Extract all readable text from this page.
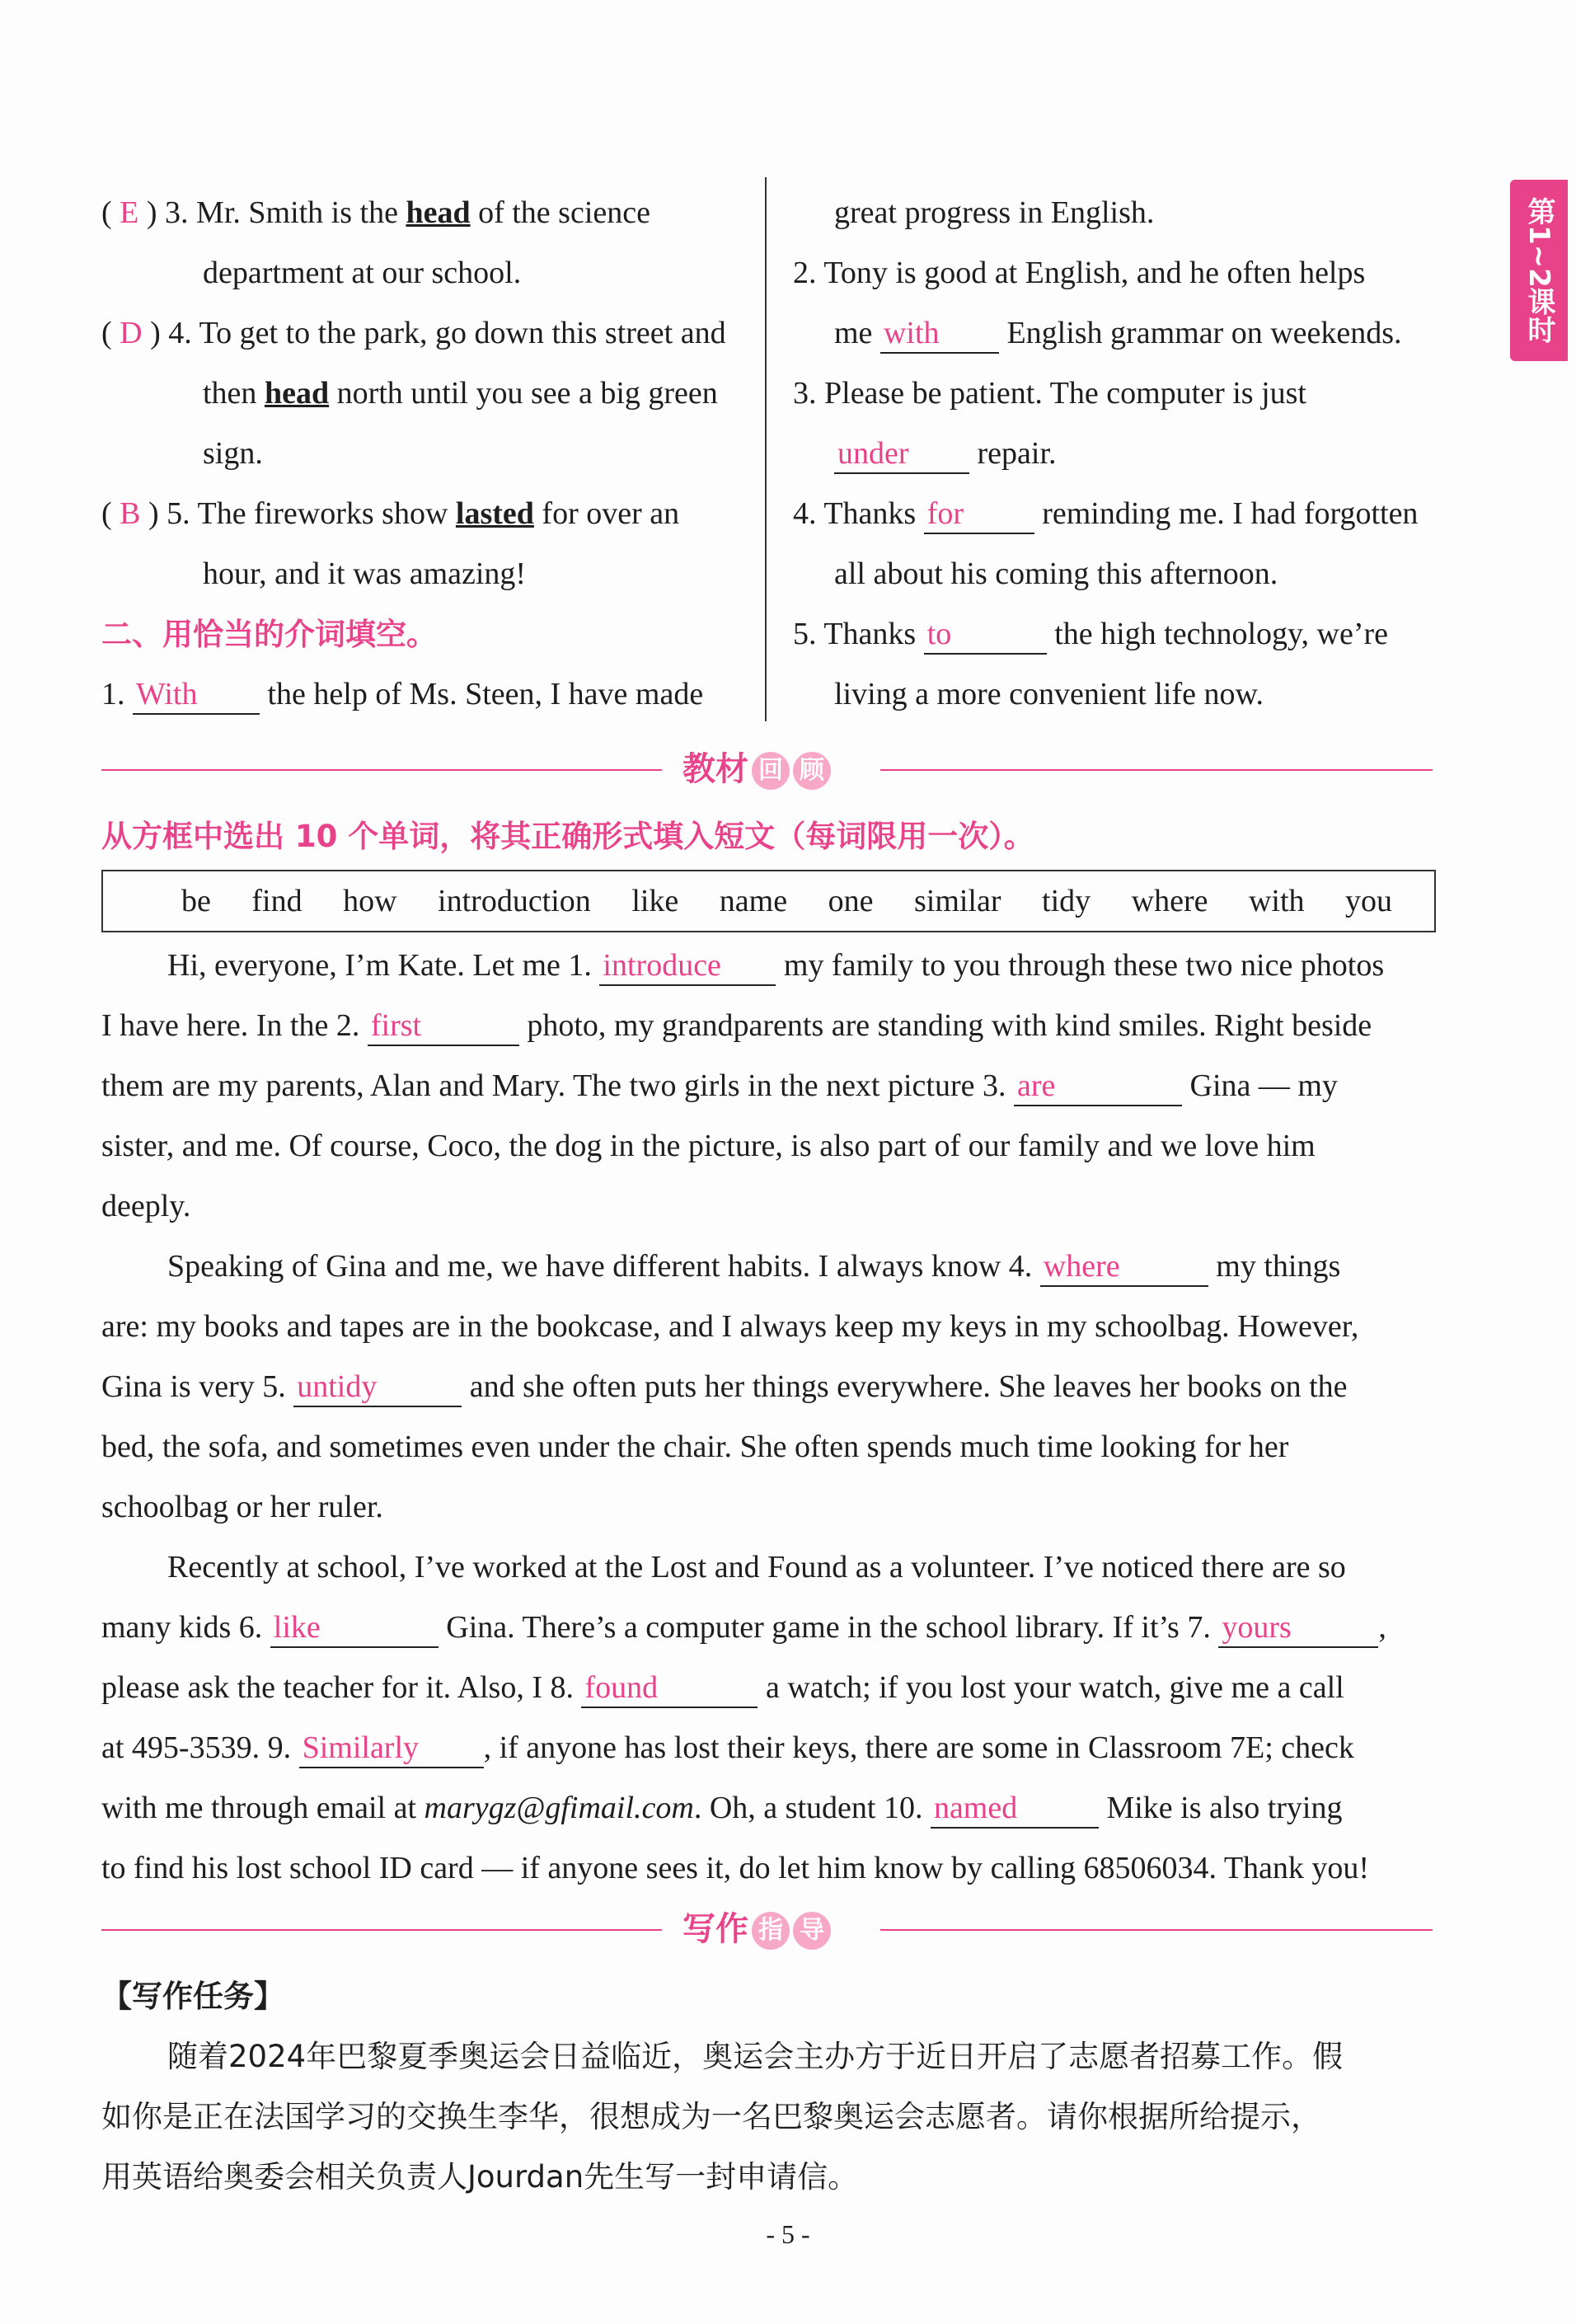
第1~2课时
( E ) 3. Mr. Smith is the head of the science
department at our school.
( D ) 4. To get to the park, go down this street and
then head north until you see a big green
sign.
( B ) 5. The fireworks show lasted for over an
hour, and it was amazing!
二、用恰当的介词填空。
1. With the help of Ms. Steen, I have made
great progress in English.
2. Tony is good at English, and he often helps
me with English grammar on weekends.
3. Please be patient. The computer is just
under repair.
4. Thanks for	reminding me. I had forgotten
all about his coming this afternoon.
5. Thanks to	the high technology, we’re
living a more convenient life now.
教材 回 顾
从方框中选出 10 个单词，将其正确形式填入短文（每词限用一次）。
be find how introduction like name one similar tidy where with you
Hi, everyone, I’m Kate. Let me 1. introduce my family to you through these two nice photos
I have here. In the 2. first	photo, my grandparents are standing with kind smiles. Right beside
them are my parents, Alan and Mary. The two girls in the next picture 3. are	Gina — my
sister, and me. Of course, Coco, the dog in the picture, is also part of our family and we love him
deeply.
Speaking of Gina and me, we have different habits. I always know 4. where	my things
are: my books and tapes are in the bookcase, and I always keep my keys in my schoolbag. However,
Gina is very 5. untidy	and she often puts her things everywhere. She leaves her books on the
bed, the sofa, and sometimes even under the chair. She often spends much time looking for her
schoolbag or her ruler.
Recently at school, I’ve worked at the Lost and Found as a volunteer. I’ve noticed there are so
many kids 6. like	Gina. There’s a computer game in the school library. If it’s 7. yours	,
please ask the teacher for it. Also, I 8. found	a watch; if you lost your watch, give me a call
at 495-3539. 9. Similarly , if anyone has lost their keys, there are some in Classroom 7E; check
with me through email at marygz@gfimail.com. Oh, a student 10. named	Mike is also trying
to find his lost school ID card — if anyone sees it, do let him know by calling 68506034. Thank you!
写作 指 导
【写作任务】
随着2024年巴黎夏季奥运会日益临近，奥运会主办方于近日开启了志愿者招募工作。假
如你是正在法国学习的交换生李华，很想成为一名巴黎奥运会志愿者。请你根据所给提示，
用英语给奥委会相关负责人Jourdan先生写一封申请信。
- 5 -
